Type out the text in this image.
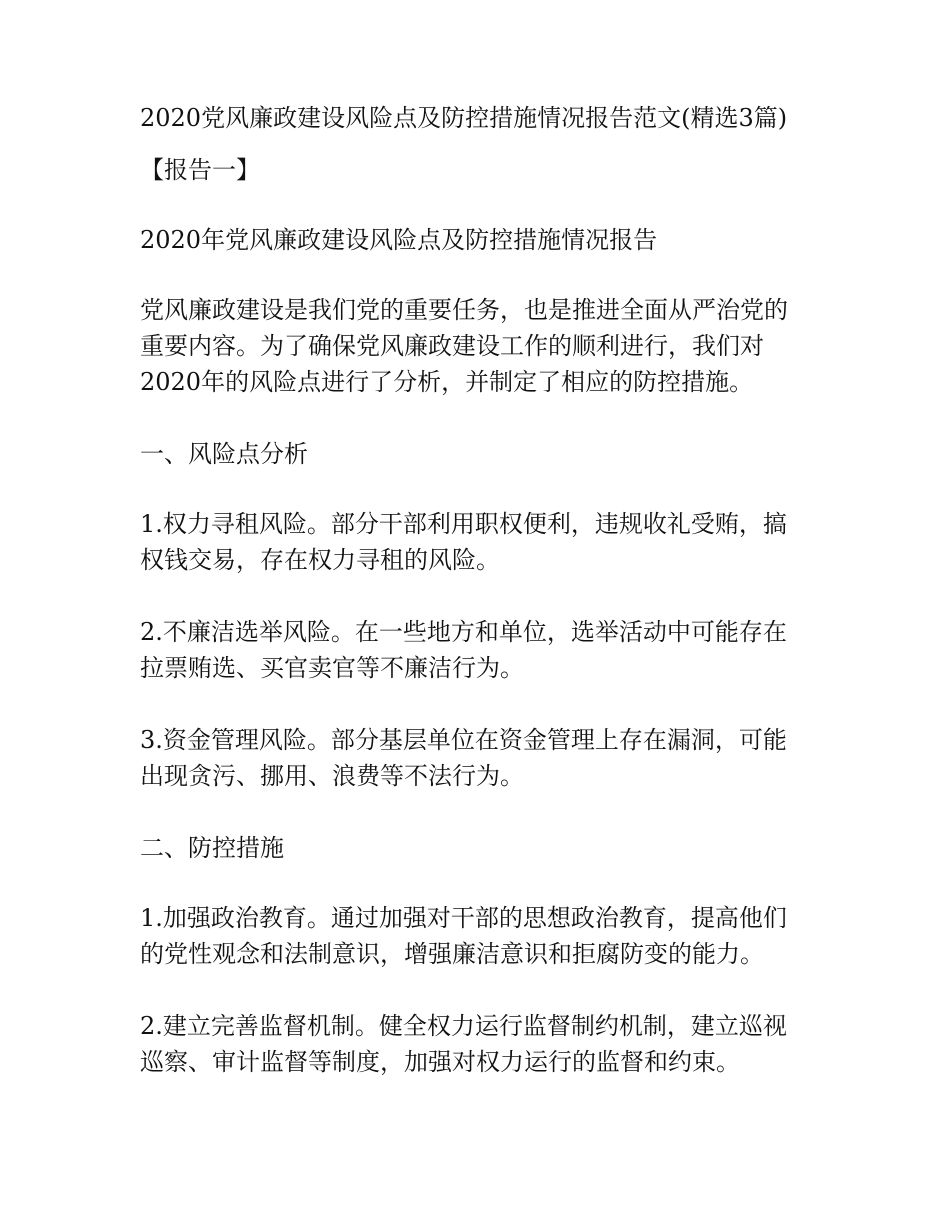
2020党风廉政建设风险点及防控措施情况报告范文(精选3篇)

【报告一】

2020年党风廉政建设风险点及防控措施情况报告

党风廉政建设是我们党的重要任务，也是推进全面从严治党的
重要内容。为了确保党风廉政建设工作的顺利进行，我们对
2020年的风险点进行了分析，并制定了相应的防控措施。

一、风险点分析

1.权力寻租风险。部分干部利用职权便利，违规收礼受贿，搞
权钱交易，存在权力寻租的风险。
2.不廉洁选举风险。在一些地方和单位，选举活动中可能存在
拉票贿选、买官卖官等不廉洁行为。
3.资金管理风险。部分基层单位在资金管理上存在漏洞，可能
出现贪污、挪用、浪费等不法行为。

二、防控措施

1.加强政治教育。通过加强对干部的思想政治教育，提高他们
的党性观念和法制意识，增强廉洁意识和拒腐防变的能力。
2.建立完善监督机制。健全权力运行监督制约机制，建立巡视
巡察、审计监督等制度，加强对权力运行的监督和约束。
